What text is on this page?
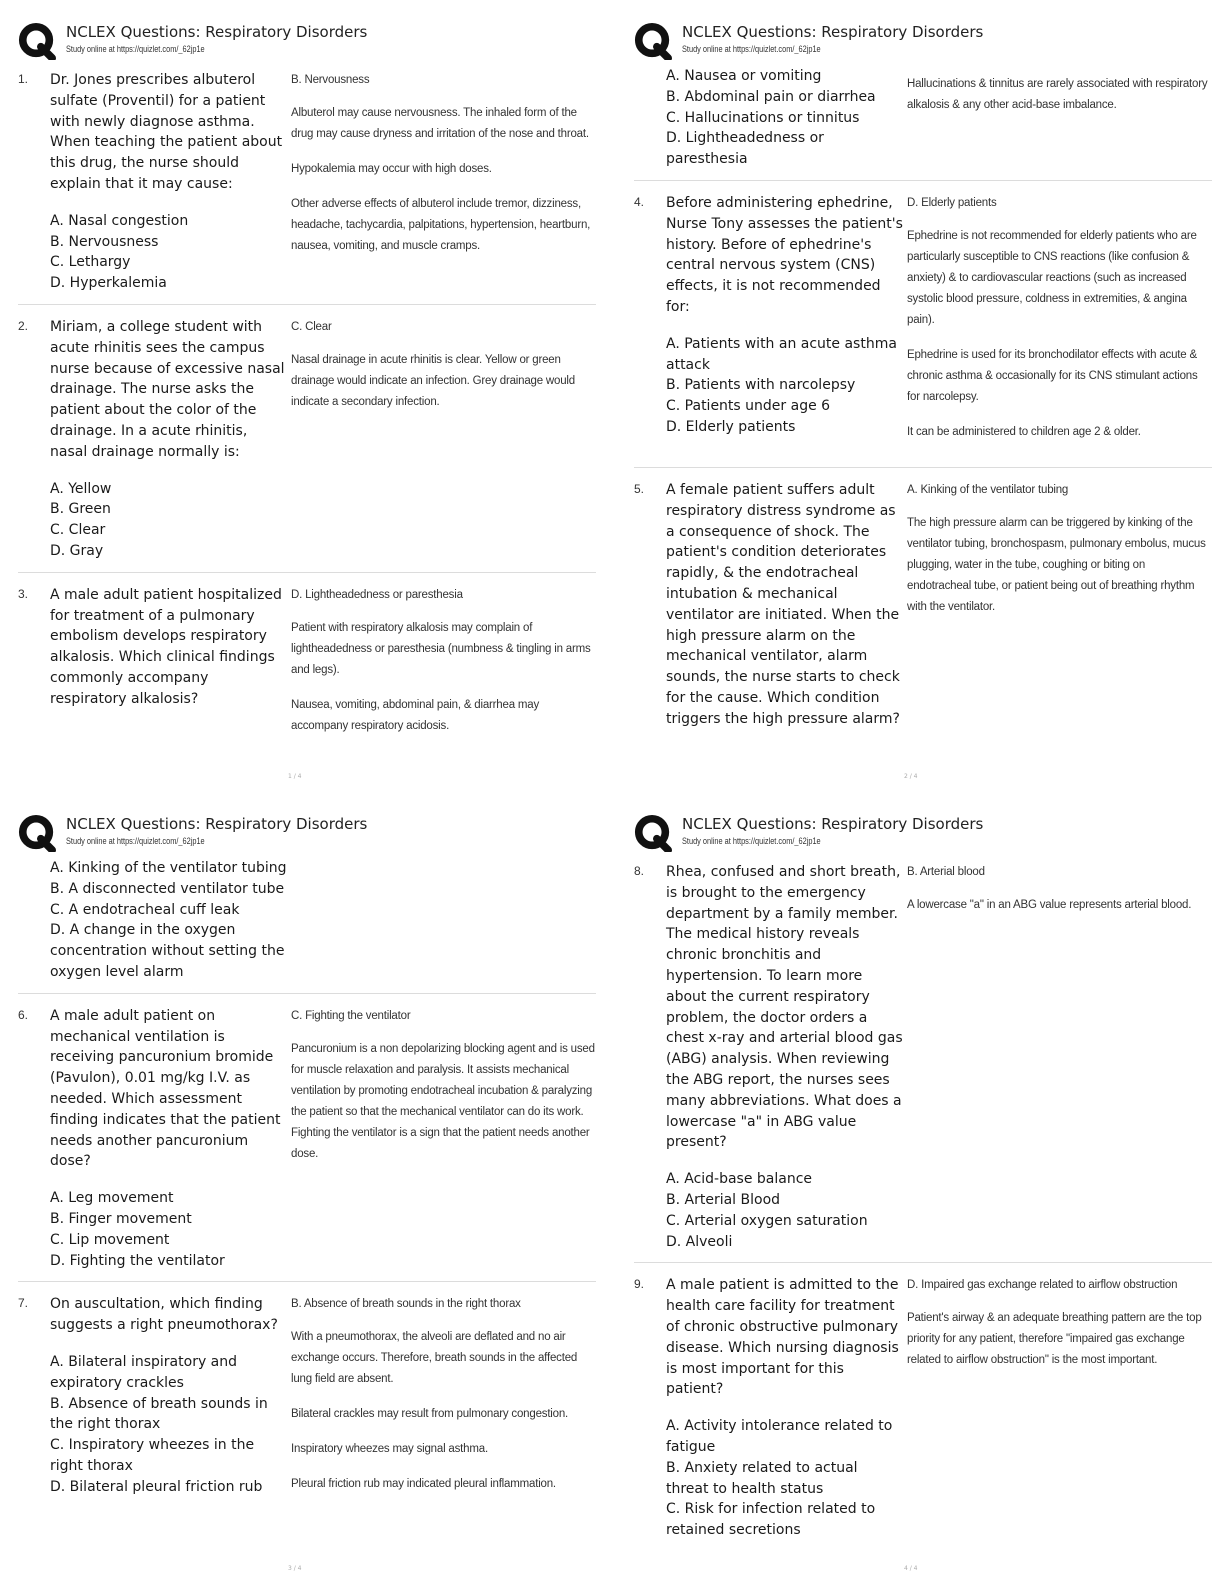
NCLEX Questions: Respiratory Disorders
Study online at https://quizlet.com/_62jp1e
1.	Dr. Jones prescribes albuterol sulfate (Proventil) for a patient with newly diagnose asthma. When teaching the patient about this drug, the nurse should explain that it may cause:

A. Nasal congestion

B. Nervousness

C. Lethargy

D. Hyperkalemia

B. Nervousness

Albuterol may cause nervousness. The inhaled form of the drug may cause dryness and irritation of the nose and throat.

Hypokalemia may occur with high doses.

Other adverse effects of albuterol include tremor, dizziness, headache, tachycardia, palpitations, hypertension, heartburn, nausea, vomiting, and muscle cramps.

2.	Miriam, a college student with acute rhinitis sees the campus nurse because of excessive nasal drainage. The nurse asks the patient about the color of the drainage. In a acute rhinitis, nasal drainage normally is:

A. Yellow

B. Green

C. Clear

D. Gray

C. Clear

Nasal drainage in acute rhinitis is clear. Yellow or green drainage would indicate an infection. Grey drainage would indicate a secondary infection.

3.	A male adult patient hospitalized for treatment of a pulmonary embolism develops respiratory alkalosis. Which clinical findings commonly accompany respiratory alkalosis?

D. Lightheadedness or paresthesia

Patient with respiratory alkalosis may complain of lightheadedness or paresthesia (numbness & tingling in arms and legs).

Nausea, vomiting, abdominal pain, & diarrhea may accompany respiratory acidosis.

1 / 4
NCLEX Questions: Respiratory Disorders
Study online at https://quizlet.com/_62jp1e

A. Nausea or vomiting

B. Abdominal pain or diarrhea

C. Hallucinations or tinnitus

D. Lightheadedness or paresthesia

Hallucinations & tinnitus are rarely associated with respiratory alkalosis & any other acid-base imbalance.

4.	Before administering ephedrine, Nurse Tony assesses the patient's history. Before of ephedrine's central nervous system (CNS) effects, it is not recommended for:

A. Patients with an acute asthma attack

B. Patients with narcolepsy

C. Patients under age 6

D. Elderly patients

D. Elderly patients

Ephedrine is not recommended for elderly patients who are particularly susceptible to CNS reactions (like confusion & anxiety) & to cardiovascular reactions (such as increased systolic blood pressure, coldness in extremities, & angina pain).

Ephedrine is used for its bronchodilator effects with acute & chronic asthma & occasionally for its CNS stimulant actions for narcolepsy.

It can be administered to children age 2 & older.

5.	A female patient suffers adult respiratory distress syndrome as a consequence of shock. The patient's condition deteriorates rapidly, & the endotracheal intubation & mechanical ventilator are initiated. When the high pressure alarm on the mechanical ventilator, alarm sounds, the nurse starts to check for the cause. Which condition triggers the high pressure alarm?

A. Kinking of the ventilator tubing

The high pressure alarm can be triggered by kinking of the ventilator tubing, bronchospasm, pulmonary embolus, mucus plugging, water in the tube, coughing or biting on endotracheal tube, or patient being out of breathing rhythm with the ventilator.

2 / 4
NCLEX Questions: Respiratory Disorders
Study online at https://quizlet.com/_62jp1e

A. Kinking of the ventilator tubing

B. A disconnected ventilator tube

C. A endotracheal cuff leak

D. A change in the oxygen concentration without setting the oxygen level alarm

6.	A male adult patient on mechanical ventilation is receiving pancuronium bromide (Pavulon), 0.01 mg/kg I.V. as needed. Which assessment finding indicates that the patient needs another pancuronium dose?

A. Leg movement

B. Finger movement

C. Lip movement

D. Fighting the ventilator

C. Fighting the ventilator

Pancuronium is a non depolarizing blocking agent and is used for muscle relaxation and paralysis. It assists mechanical ventilation by promoting endotracheal incubation & paralyzing the patient so that the mechanical ventilator can do its work. Fighting the ventilator is a sign that the patient needs another dose.

7.	On auscultation, which finding suggests a right pneumothorax?

A. Bilateral inspiratory and expiratory crackles

B. Absence of breath sounds in the right thorax

C. Inspiratory wheezes in the right thorax

D. Bilateral pleural friction rub

B. Absence of breath sounds in the right thorax

With a pneumothorax, the alveoli are deflated and no air exchange occurs. Therefore, breath sounds in the affected lung field are absent.

Bilateral crackles may result from pulmonary congestion.

Inspiratory wheezes may signal asthma.

Pleural friction rub may indicated pleural inflammation.

3 / 4
NCLEX Questions: Respiratory Disorders
Study online at https://quizlet.com/_62jp1e
8.	Rhea, confused and short breath, is brought to the emergency department by a family member. The medical history reveals chronic bronchitis and hypertension. To learn more about the current respiratory problem, the doctor orders a chest x-ray and arterial blood gas (ABG) analysis. When reviewing the ABG report, the nurses sees many abbreviations. What does a lowercase "a" in ABG value present?

A. Acid-base balance

B. Arterial Blood

C. Arterial oxygen saturation

D. Alveoli

B. Arterial blood

A lowercase "a" in an ABG value represents arterial blood.

9.	A male patient is admitted to the health care facility for treatment of chronic obstructive pulmonary disease. Which nursing diagnosis is most important for this patient?

A. Activity intolerance related to fatigue

B. Anxiety related to actual threat to health status

C. Risk for infection related to retained secretions

D. Impaired gas exchange related to airflow obstruction

Patient's airway & an adequate breathing pattern are the top priority for any patient, therefore "impaired gas exchange related to airflow obstruction" is the most important.

4 / 4
